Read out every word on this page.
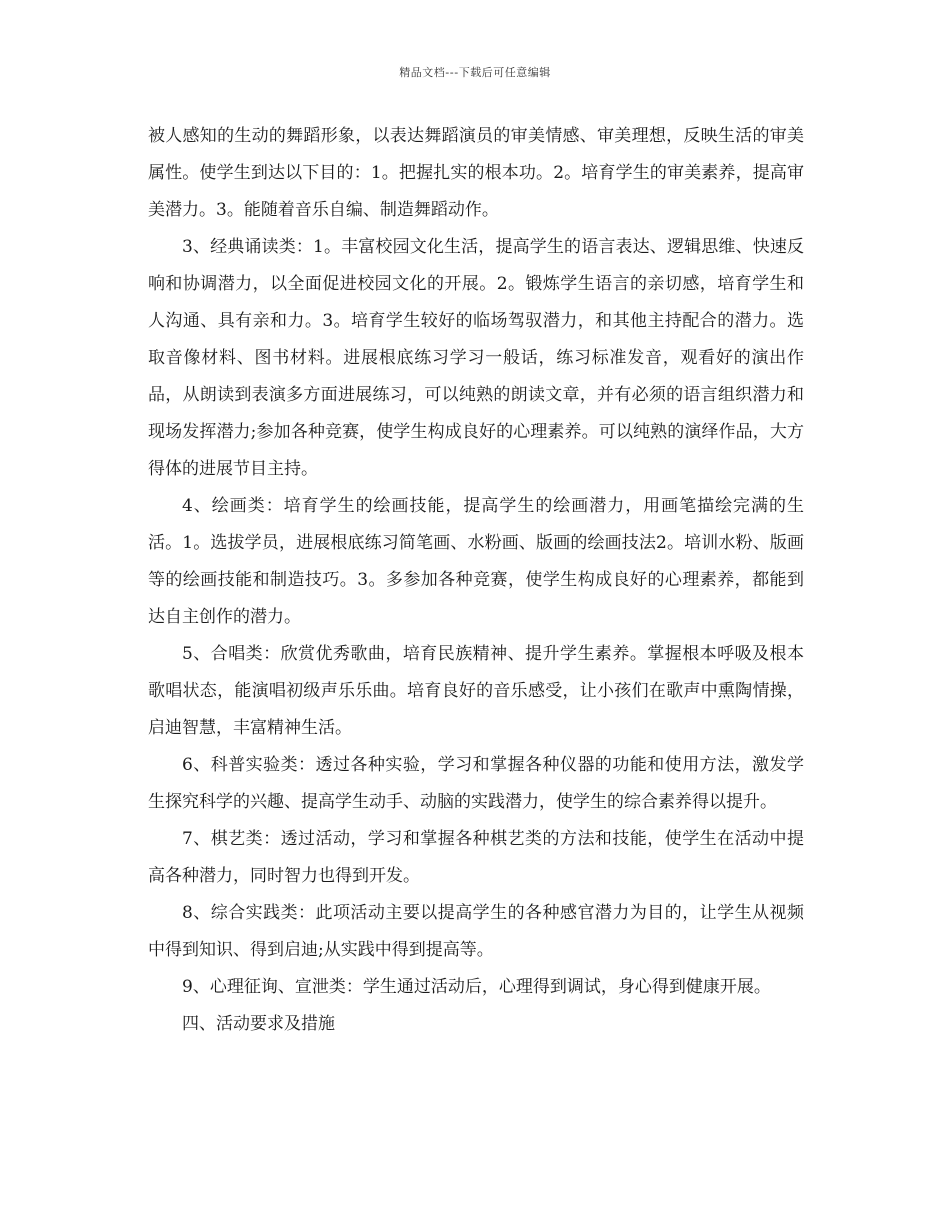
精品文档---下载后可任意编辑

被人感知的生动的舞蹈形象，以表达舞蹈演员的审美情感、审美理想，反映生活的审美属性。使学生到达以下目的：1。把握扎实的根本功。2。培育学生的审美素养，提高审美潜力。3。能随着音乐自编、制造舞蹈动作。

3、经典诵读类：1。丰富校园文化生活，提高学生的语言表达、逻辑思维、快速反响和协调潜力，以全面促进校园文化的开展。2。锻炼学生语言的亲切感，培育学生和人沟通、具有亲和力。3。培育学生较好的临场驾驭潜力，和其他主持配合的潜力。选取音像材料、图书材料。进展根底练习学习一般话，练习标准发音，观看好的演出作品，从朗读到表演多方面进展练习，可以纯熟的朗读文章，并有必须的语言组织潜力和现场发挥潜力;参加各种竞赛，使学生构成良好的心理素养。可以纯熟的演绎作品，大方得体的进展节目主持。

4、绘画类：培育学生的绘画技能，提高学生的绘画潜力，用画笔描绘完满的生活。1。选拔学员，进展根底练习简笔画、水粉画、版画的绘画技法2。培训水粉、版画等的绘画技能和制造技巧。3。多参加各种竞赛，使学生构成良好的心理素养，都能到达自主创作的潜力。

5、合唱类：欣赏优秀歌曲，培育民族精神、提升学生素养。掌握根本呼吸及根本歌唱状态，能演唱初级声乐乐曲。培育良好的音乐感受，让小孩们在歌声中熏陶情操，启迪智慧，丰富精神生活。

6、科普实验类：透过各种实验，学习和掌握各种仪器的功能和使用方法，激发学生探究科学的兴趣、提高学生动手、动脑的实践潜力，使学生的综合素养得以提升。

7、棋艺类：透过活动，学习和掌握各种棋艺类的方法和技能，使学生在活动中提高各种潜力，同时智力也得到开发。

8、综合实践类：此项活动主要以提高学生的各种感官潜力为目的，让学生从视频中得到知识、得到启迪;从实践中得到提高等。

9、心理征询、宣泄类：学生通过活动后，心理得到调试，身心得到健康开展。

四、活动要求及措施
